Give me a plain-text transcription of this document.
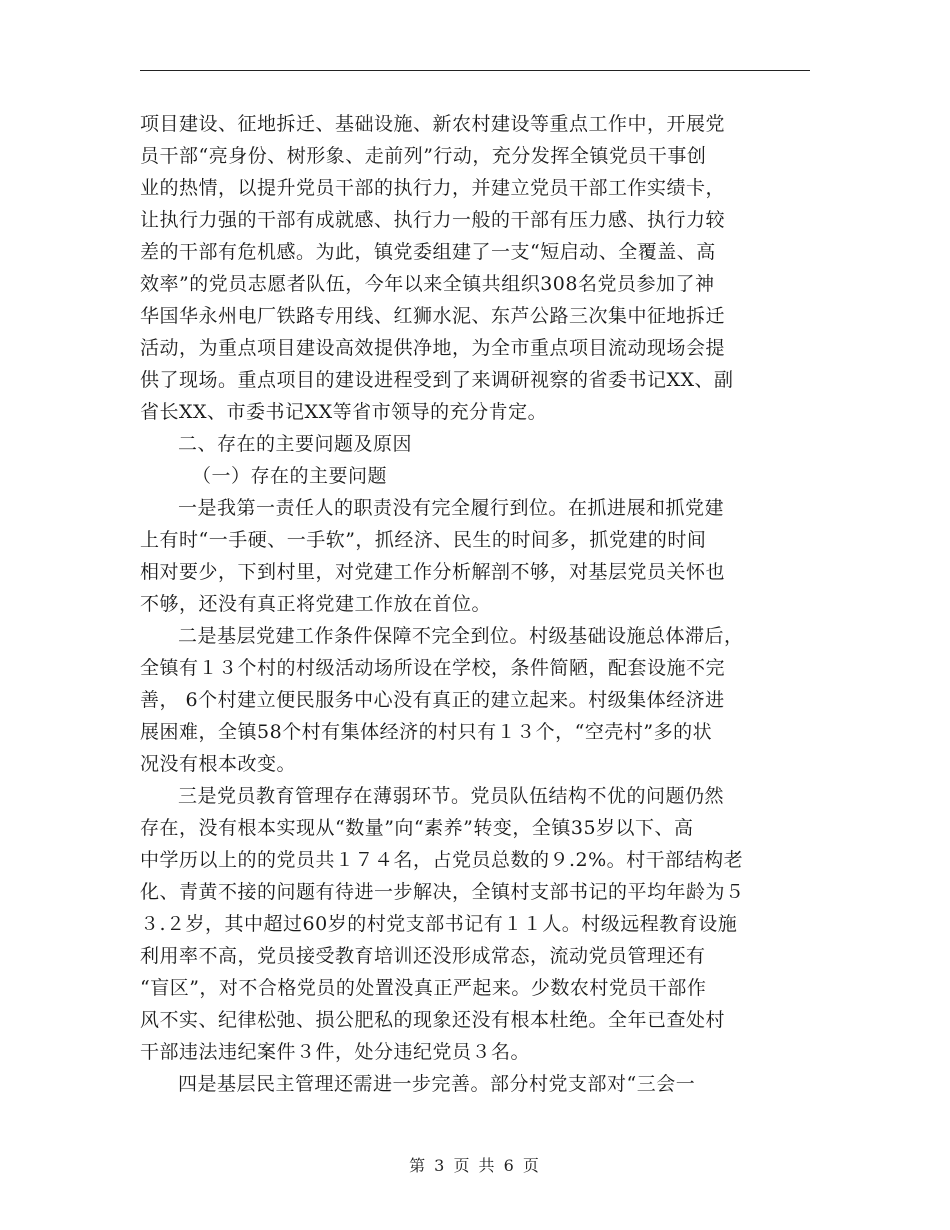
项目建设、征地拆迁、基础设施、新农村建设等重点工作中，开展党
员干部“亮身份、树形象、走前列”行动，充分发挥全镇党员干事创
业的热情，以提升党员干部的执行力，并建立党员干部工作实绩卡，
让执行力强的干部有成就感、执行力一般的干部有压力感、执行力较
差的干部有危机感。为此，镇党委组建了一支“短启动、全覆盖、高
效率”的党员志愿者队伍，今年以来全镇共组织308名党员参加了神
华国华永州电厂铁路专用线、红狮水泥、东芦公路三次集中征地拆迁
活动，为重点项目建设高效提供净地，为全市重点项目流动现场会提
供了现场。重点项目的建设进程受到了来调研视察的省委书记XX、副
省长XX、市委书记XX等省市领导的充分肯定。
二、存在的主要问题及原因
（一）存在的主要问题
一是我第一责任人的职责没有完全履行到位。在抓进展和抓党建
上有时“一手硬、一手软”，抓经济、民生的时间多，抓党建的时间
相对要少，下到村里，对党建工作分析解剖不够，对基层党员关怀也
不够，还没有真正将党建工作放在首位。
二是基层党建工作条件保障不完全到位。村级基础设施总体滞后，
全镇有１３个村的村级活动场所设在学校，条件简陋，配套设施不完
善， 6个村建立便民服务中心没有真正的建立起来。村级集体经济进
展困难，全镇58个村有集体经济的村只有１３个，“空壳村”多的状
况没有根本改变。
三是党员教育管理存在薄弱环节。党员队伍结构不优的问题仍然
存在，没有根本实现从“数量”向“素养”转变，全镇35岁以下、高
中学历以上的的党员共１７４名，占党员总数的９.2%。村干部结构老
化、青黄不接的问题有待进一步解决，全镇村支部书记的平均年龄为５
３.２岁，其中超过60岁的村党支部书记有１１人。村级远程教育设施
利用率不高，党员接受教育培训还没形成常态，流动党员管理还有
“盲区”，对不合格党员的处置没真正严起来。少数农村党员干部作
风不实、纪律松弛、损公肥私的现象还没有根本杜绝。全年已查处村
干部违法违纪案件３件，处分违纪党员３名。
四是基层民主管理还需进一步完善。部分村党支部对“三会一
第 3 页 共 6 页
